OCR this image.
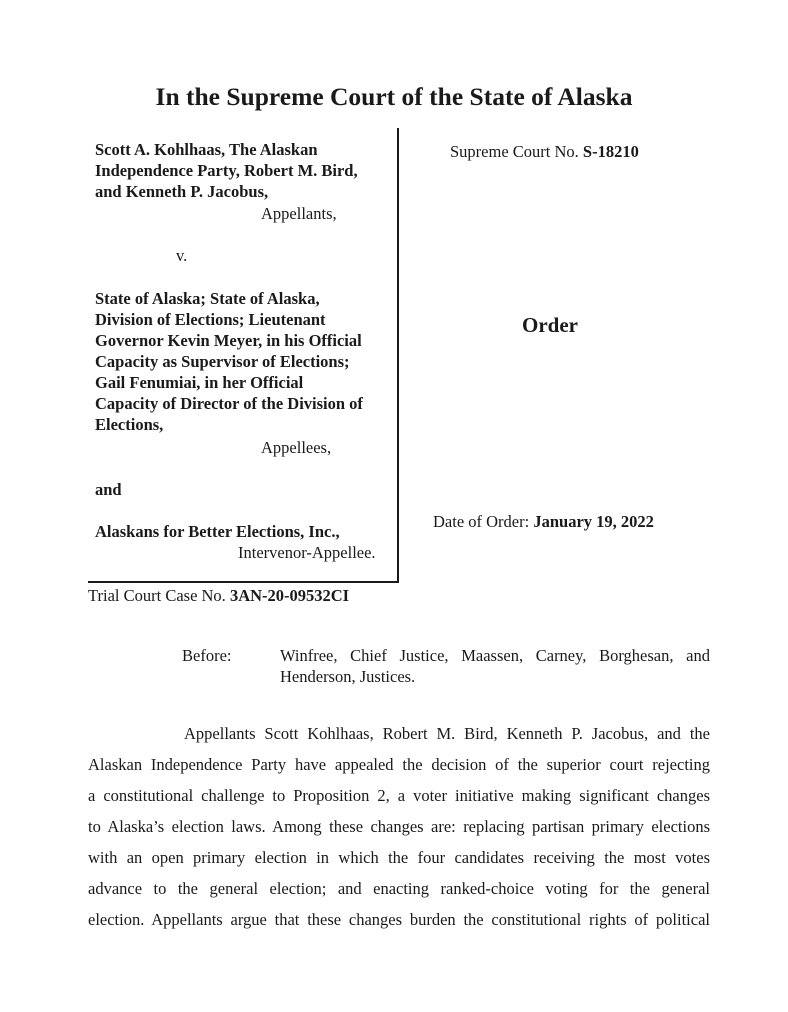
In the Supreme Court of the State of Alaska
Scott A. Kohlhaas, The Alaskan
Independence Party, Robert M. Bird,
and Kenneth P. Jacobus,
Appellants,
v.
State of Alaska; State of Alaska,
Division of Elections; Lieutenant
Governor Kevin Meyer, in his Official
Capacity as Supervisor of Elections;
Gail Fenumiai, in her Official
Capacity of Director of the Division of
Elections,
Appellees,
and
Alaskans for Better Elections, Inc.,
Intervenor-Appellee.
Supreme Court No. S-18210
Order
Date of Order: January 19, 2022
Trial Court Case No. 3AN-20-09532CI
Before:	Winfree, Chief Justice, Maassen, Carney, Borghesan, and
Henderson, Justices.
Appellants Scott Kohlhaas, Robert M. Bird, Kenneth P. Jacobus, and the
Alaskan Independence Party have appealed the decision of the superior court rejecting
a constitutional challenge to Proposition 2, a voter initiative making significant changes
to Alaska’s election laws. Among these changes are: replacing partisan primary elections
with an open primary election in which the four candidates receiving the most votes
advance to the general election; and enacting ranked-choice voting for the general
election. Appellants argue that these changes burden the constitutional rights of political
